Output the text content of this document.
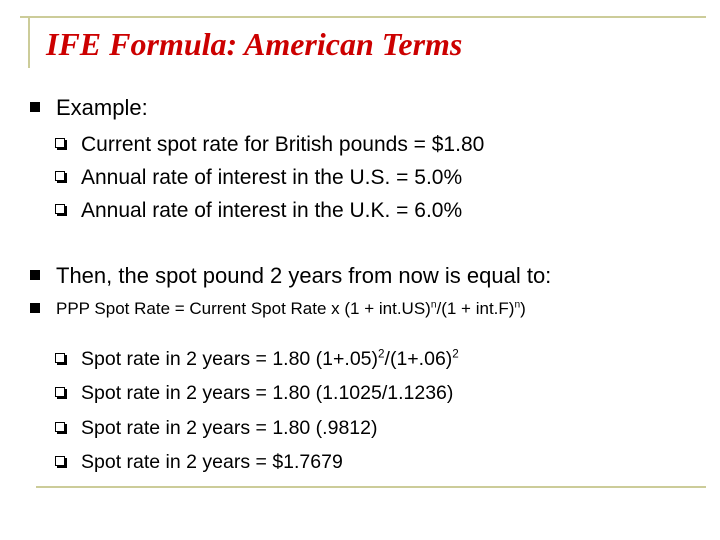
IFE Formula: American Terms
Example:
Current spot rate for British pounds = $1.80
Annual rate of interest in the U.S. = 5.0%
Annual rate of interest in the U.K. = 6.0%
Then, the spot pound 2 years from now is equal to:
PPP Spot Rate = Current Spot Rate x $(1 + int.US)^n/(1 + int.F)^n$)
Spot rate in 2 years = 1.80 $(1+.05)^2/(1+.06)^2$
Spot rate in 2 years = 1.80 (1.1025/1.1236)
Spot rate in 2 years = 1.80 (.9812)
Spot rate in 2 years = $1.7679
